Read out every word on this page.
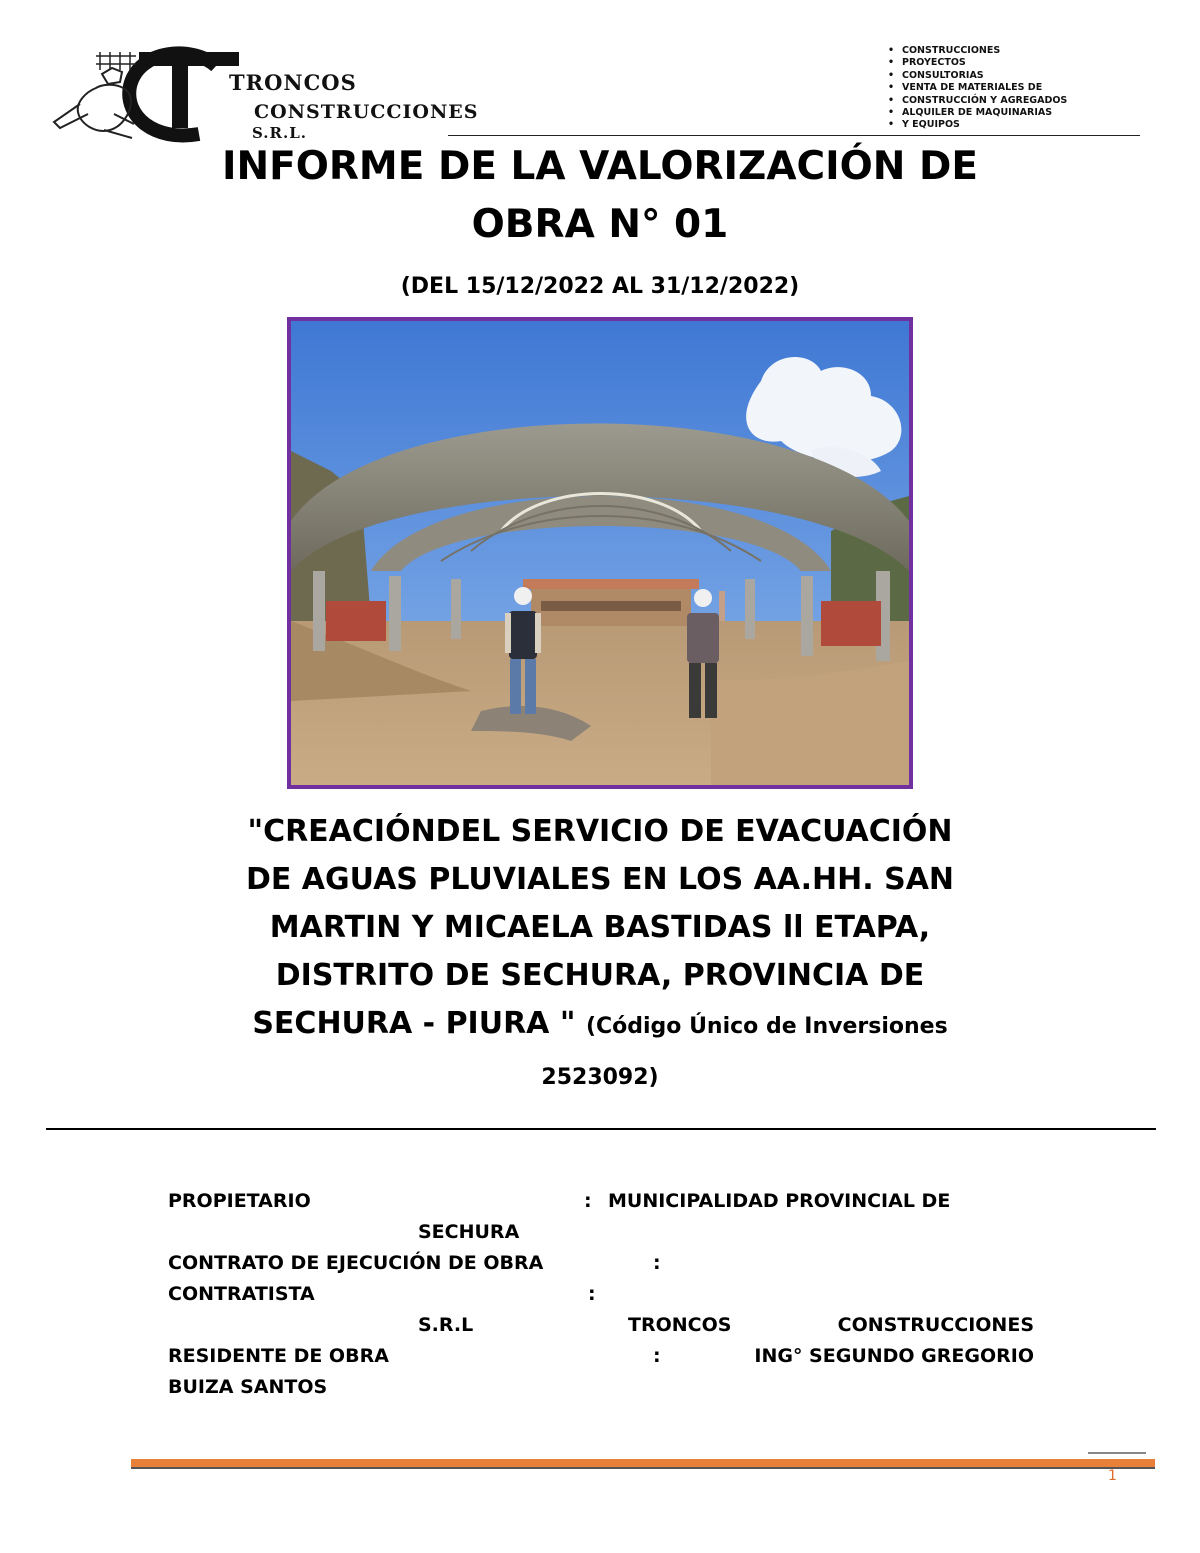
TRONCOS
CONSTRUCCIONES
S.R.L.
• CONSTRUCCIONES
• PROYECTOS
• CONSULTORIAS
• VENTA DE MATERIALES DE
• CONSTRUCCIÓN Y AGREGADOS
• ALQUILER DE MAQUINARIAS
• Y EQUIPOS
INFORME DE LA VALORIZACIÓN DE
OBRA N° 01

(DEL 15/12/2022 AL 31/12/2022)

"CREACIÓNDEL SERVICIO DE EVACUACIÓN
DE AGUAS PLUVIALES EN LOS AA.HH. SAN
MARTIN Y MICAELA BASTIDAS ll ETAPA,
DISTRITO DE SECHURA, PROVINCIA DE
SECHURA - PIURA " (Código Único de Inversiones
2523092)

PROPIETARIO	: MUNICIPALIDAD PROVINCIAL DE
SECHURA
CONTRATO DE EJECUCIÓN DE OBRA	:
CONTRATISTA	:
TRONCOS	CONSTRUCCIONES
S.R.L
RESIDENTE DE OBRA	:	ING° SEGUNDO GREGORIO
BUIZA SANTOS
1
